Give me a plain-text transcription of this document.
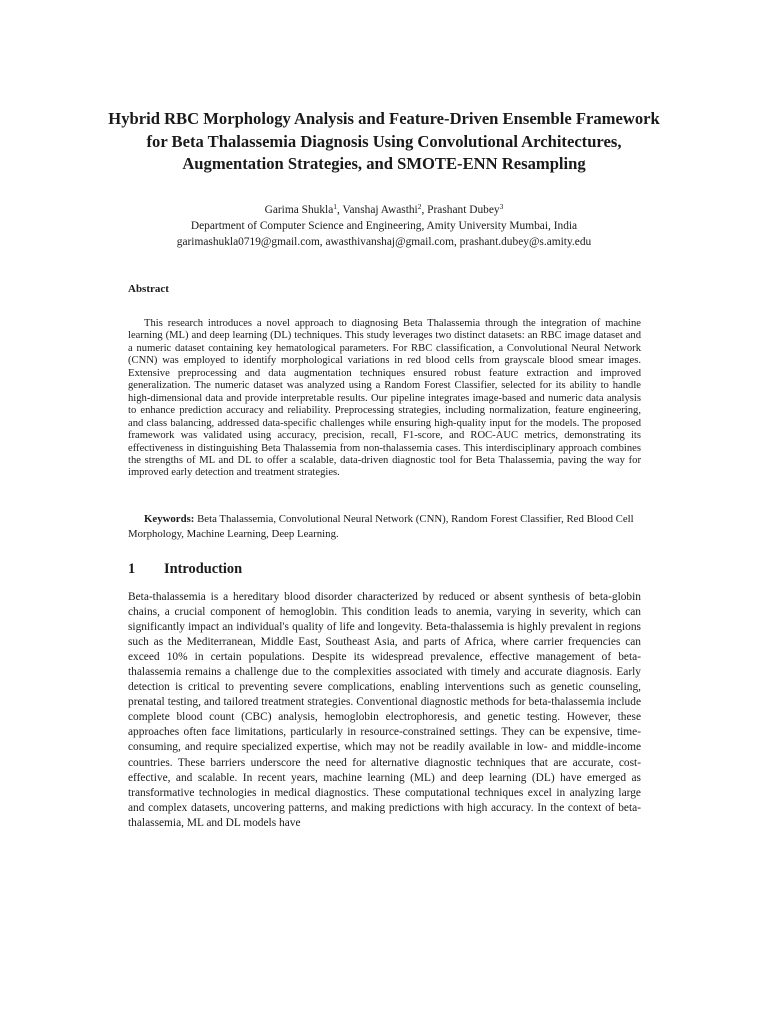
Hybrid RBC Morphology Analysis and Feature-Driven Ensemble Framework for Beta Thalassemia Diagnosis Using Convolutional Architectures, Augmentation Strategies, and SMOTE-ENN Resampling

Garima Shukla$^1$, Vanshaj Awasthi$^2$, Prashant Dubey$^3$

Department of Computer Science and Engineering, Amity University Mumbai, India

garimashukla0719@gmail.com, awasthivanshaj@gmail.com, prashant.dubey@s.amity.edu

Abstract

This research introduces a novel approach to diagnosing Beta Thalassemia through the integration of machine learning (ML) and deep learning (DL) techniques. This study leverages two distinct datasets: an RBC image dataset and a numeric dataset containing key hematological parameters. For RBC classification, a Convolutional Neural Network (CNN) was employed to identify morphological variations in red blood cells from grayscale blood smear images. Extensive preprocessing and data augmentation techniques ensured robust feature extraction and improved generalization. The numeric dataset was analyzed using a Random Forest Classifier, selected for its ability to handle high-dimensional data and provide interpretable results. Our pipeline integrates image-based and numeric data analysis to enhance prediction accuracy and reliability. Preprocessing strategies, including normalization, feature engineering, and class balancing, addressed data-specific challenges while ensuring high-quality input for the models. The proposed framework was validated using accuracy, precision, recall, F1-score, and ROC-AUC metrics, demonstrating its effectiveness in distinguishing Beta Thalassemia from non-thalassemia cases. This interdisciplinary approach combines the strengths of ML and DL to offer a scalable, data-driven diagnostic tool for Beta Thalassemia, paving the way for improved early detection and treatment strategies.

Keywords: Beta Thalassemia, Convolutional Neural Network (CNN), Random Forest Classifier, Red Blood Cell Morphology, Machine Learning, Deep Learning.

1 Introduction

Beta-thalassemia is a hereditary blood disorder characterized by reduced or absent synthesis of beta-globin chains, a crucial component of hemoglobin. This condition leads to anemia, varying in severity, which can significantly impact an individual's quality of life and longevity. Beta-thalassemia is highly prevalent in regions such as the Mediterranean, Middle East, Southeast Asia, and parts of Africa, where carrier frequencies can exceed 10% in certain populations. Despite its widespread prevalence, effective management of beta-thalassemia remains a challenge due to the complexities associated with timely and accurate diagnosis. Early detection is critical to preventing severe complications, enabling interventions such as genetic counseling, prenatal testing, and tailored treatment strategies. Conventional diagnostic methods for beta-thalassemia include complete blood count (CBC) analysis, hemoglobin electrophoresis, and genetic testing. However, these approaches often face limitations, particularly in resource-constrained settings. They can be expensive, time-consuming, and require specialized expertise, which may not be readily available in low- and middle-income countries. These barriers underscore the need for alternative diagnostic techniques that are accurate, cost-effective, and scalable. In recent years, machine learning (ML) and deep learning (DL) have emerged as transformative technologies in medical diagnostics. These computational techniques excel in analyzing large and complex datasets, uncovering patterns, and making predictions with high accuracy. In the context of beta-thalassemia, ML and DL models have
